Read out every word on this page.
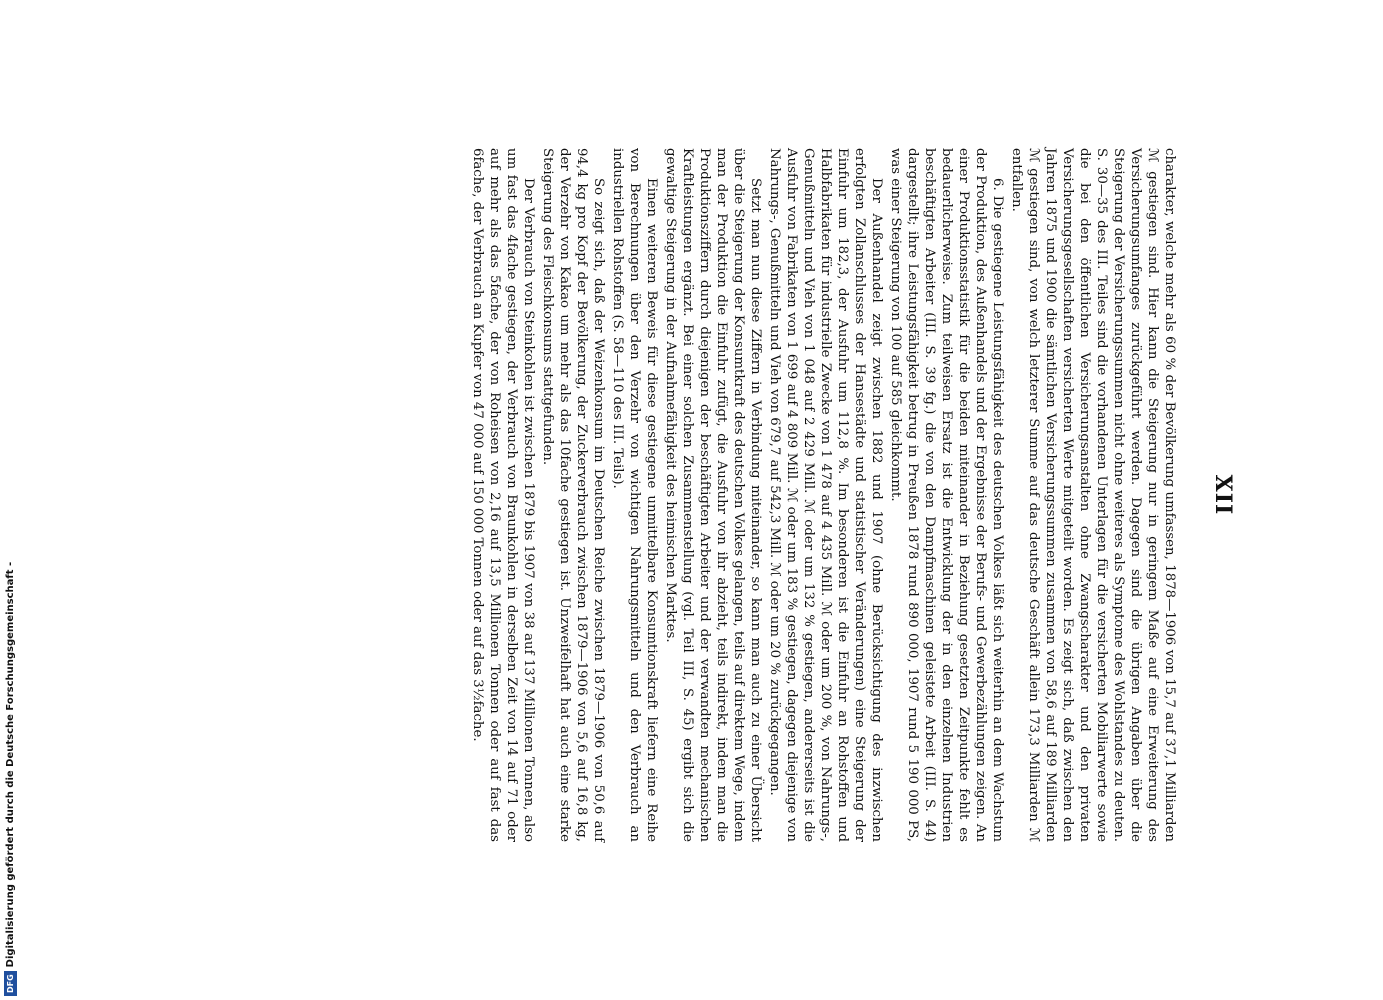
XII

charakter, welche mehr als 60 % der Bevölkerung umfassen, 1878—1906 von 15,7 auf 37,1 Milliarden ℳ gestiegen sind. Hier kann die Steigerung nur in geringem Maße auf eine Erweiterung des Versicherungsumfanges zurückgeführt werden. Dagegen sind die übrigen Angaben über die Steigerung der Versicherungssummen nicht ohne weiteres als Symptome des Wohlstandes zu deuten. S. 30—35 des III. Teiles sind die vorhandenen Unterlagen für die versicherten Mobiliarwerte sowie die bei den öffentlichen Versicherungsanstalten ohne Zwangscharakter und den privaten Versicherungsgesellschaften versicherten Werte mitgeteilt worden. Es zeigt sich, daß zwischen den Jahren 1875 und 1900 die sämtlichen Versicherungssummen zusammen von 58,6 auf 189 Milliarden ℳ gestiegen sind, von welch letzterer Summe auf das deutsche Geschäft allein 173,3 Milliarden ℳ entfallen.

6. Die gestiegene Leistungsfähigkeit des deutschen Volkes läßt sich weiterhin an dem Wachstum der Produktion, des Außenhandels und der Ergebnisse der Berufs- und Gewerbezählungen zeigen. An einer Produktionsstatistik für die beiden miteinander in Beziehung gesetzten Zeitpunkte fehlt es bedauerlicherweise. Zum teilweisen Ersatz ist die Entwicklung der in den einzelnen Industrien beschäftigten Arbeiter (III. S. 39 fg.) die von den Dampfmaschinen geleistete Arbeit (III. S. 44) dargestellt; ihre Leistungsfähigkeit betrug in Preußen 1878 rund 890 000, 1907 rund 5 190 000 PS, was einer Steigerung von 100 auf 585 gleichkommt.

Der Außenhandel zeigt zwischen 1882 und 1907 (ohne Berücksichtigung des inzwischen erfolgten Zollanschlusses der Hansestädte und statistischer Veränderungen) eine Steigerung der Einfuhr um 182,3, der Ausfuhr um 112,8 %. Im besonderen ist die Einfuhr an Rohstoffen und Halbfabrikaten für industrielle Zwecke von 1 478 auf 4 435 Mill. ℳ oder um 200 %, von Nahrungs-, Genußmitteln und Vieh von 1 048 auf 2 429 Mill. ℳ oder um 132 % gestiegen, andererseits ist die Ausfuhr von Fabrikaten von 1 699 auf 4 809 Mill. ℳ oder um 183 % gestiegen, dagegen diejenige von Nahrungs-, Genußmitteln und Vieh von 679,7 auf 542,3 Mill. ℳ oder um 20 % zurückgegangen.

Setzt man nun diese Ziffern in Verbindung miteinander, so kann man auch zu einer Übersicht über die Steigerung der Konsumtkraft des deutschen Volkes gelangen, teils auf direktem Wege, indem man der Produktion die Einfuhr zufügt, die Ausfuhr von ihr abzieht, teils indirekt, indem man die Produktionsziffern durch diejenigen der beschäftigten Arbeiter und der verwandten mechanischen Kraftleistungen ergänzt. Bei einer solchen Zusammenstellung (vgl. Teil III, S. 45) ergibt sich die gewaltige Steigerung in der Aufnahmefähigkeit des heimischen Marktes.

Einen weiteren Beweis für diese gestiegene unmittelbare Konsumtionskraft liefern eine Reihe von Berechnungen über den Verzehr von wichtigen Nahrungsmitteln und den Verbrauch an industriellen Rohstoffen (S. 58—110 des III. Teils).

So zeigt sich, daß der Weizenkonsum im Deutschen Reiche zwischen 1879—1906 von 50,6 auf 94,4 kg pro Kopf der Bevölkerung, der Zuckerverbrauch zwischen 1879—1906 von 5,6 auf 16,8 kg, der Verzehr von Kakao um mehr als das 10fache gestiegen ist. Unzweifelhaft hat auch eine starke Steigerung des Fleischkonsums stattgefunden.

Der Verbrauch von Steinkohlen ist zwischen 1879 bis 1907 von 38 auf 137 Millionen Tonnen, also um fast das 4fache gestiegen, der Verbrauch von Braunkohlen in derselben Zeit von 14 auf 71 oder auf mehr als das 5fache, der von Roheisen von 2,16 auf 13,5 Millionen Tonnen oder auf fast das 6fache, der Verbrauch an Kupfer von 47 000 auf 150 000 Tonnen oder auf das 3½fache.

DFG
Digitalisierung gefördert durch die Deutsche Forschungsgemeinschaft -
